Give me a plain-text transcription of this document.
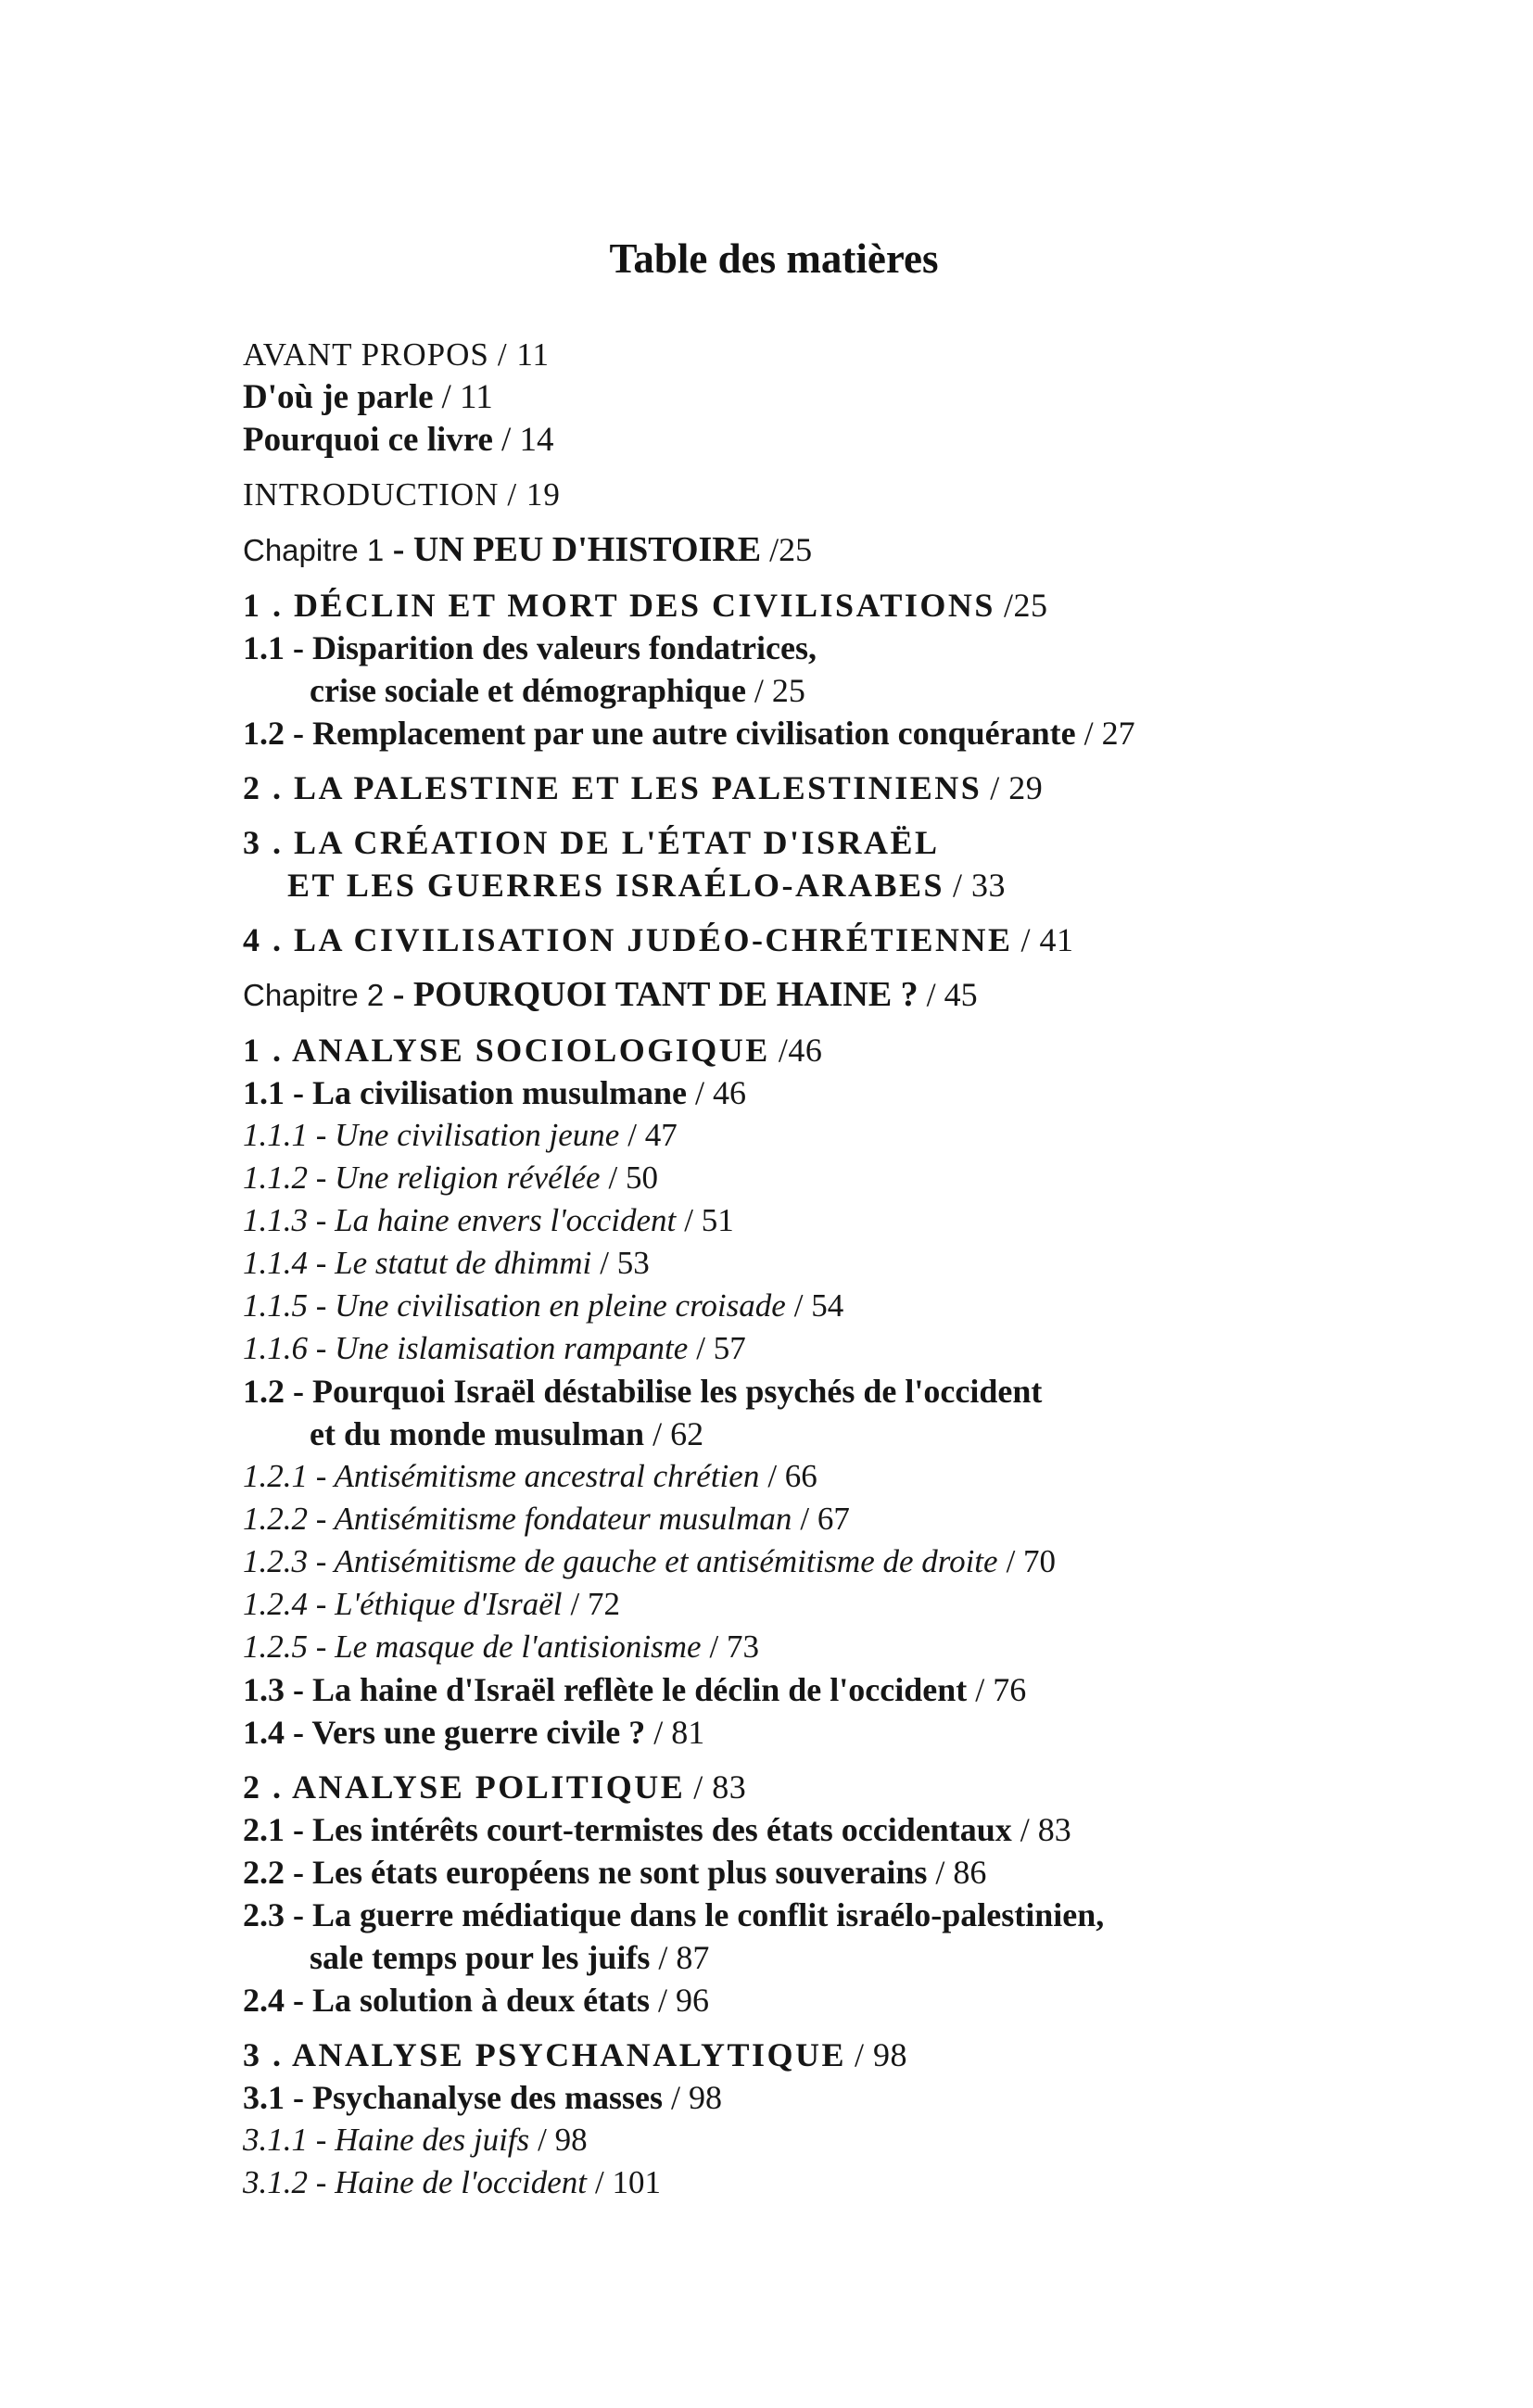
Table des matières
AVANT PROPOS / 11
D'où je parle / 11
Pourquoi ce livre / 14
INTRODUCTION / 19
Chapitre 1 - UN PEU D'HISTOIRE /25
1 . DÉCLIN ET MORT DES CIVILISATIONS /25
1.1 - Disparition des valeurs fondatrices,
crise sociale et démographique / 25
1.2 - Remplacement par une autre civilisation conquérante / 27
2 . LA PALESTINE ET LES PALESTINIENS / 29
3 . LA CRÉATION DE L'ÉTAT D'ISRAËL
ET LES GUERRES ISRAÉLO-ARABES / 33
4 . LA CIVILISATION JUDÉO-CHRÉTIENNE / 41
Chapitre 2 - POURQUOI TANT DE HAINE ? / 45
1 . ANALYSE SOCIOLOGIQUE /46
1.1 - La civilisation musulmane / 46
1.1.1 - Une civilisation jeune / 47
1.1.2 - Une religion révélée / 50
1.1.3 - La haine envers l'occident / 51
1.1.4 - Le statut de dhimmi / 53
1.1.5 - Une civilisation en pleine croisade / 54
1.1.6 - Une islamisation rampante / 57
1.2 - Pourquoi Israël déstabilise les psychés de l'occident
et du monde musulman / 62
1.2.1 - Antisémitisme ancestral chrétien / 66
1.2.2 - Antisémitisme fondateur musulman / 67
1.2.3 - Antisémitisme de gauche et antisémitisme de droite / 70
1.2.4 - L'éthique d'Israël / 72
1.2.5 - Le masque de l'antisionisme / 73
1.3 - La haine d'Israël reflète le déclin de l'occident / 76
1.4 - Vers une guerre civile ? / 81
2 . ANALYSE POLITIQUE / 83
2.1 - Les intérêts court-termistes des états occidentaux / 83
2.2 - Les états européens ne sont plus souverains / 86
2.3 - La guerre médiatique dans le conflit israélo-palestinien,
sale temps pour les juifs / 87
2.4 - La solution à deux états / 96
3 . ANALYSE PSYCHANALYTIQUE / 98
3.1 - Psychanalyse des masses / 98
3.1.1 - Haine des juifs / 98
3.1.2 - Haine de l'occident / 101
